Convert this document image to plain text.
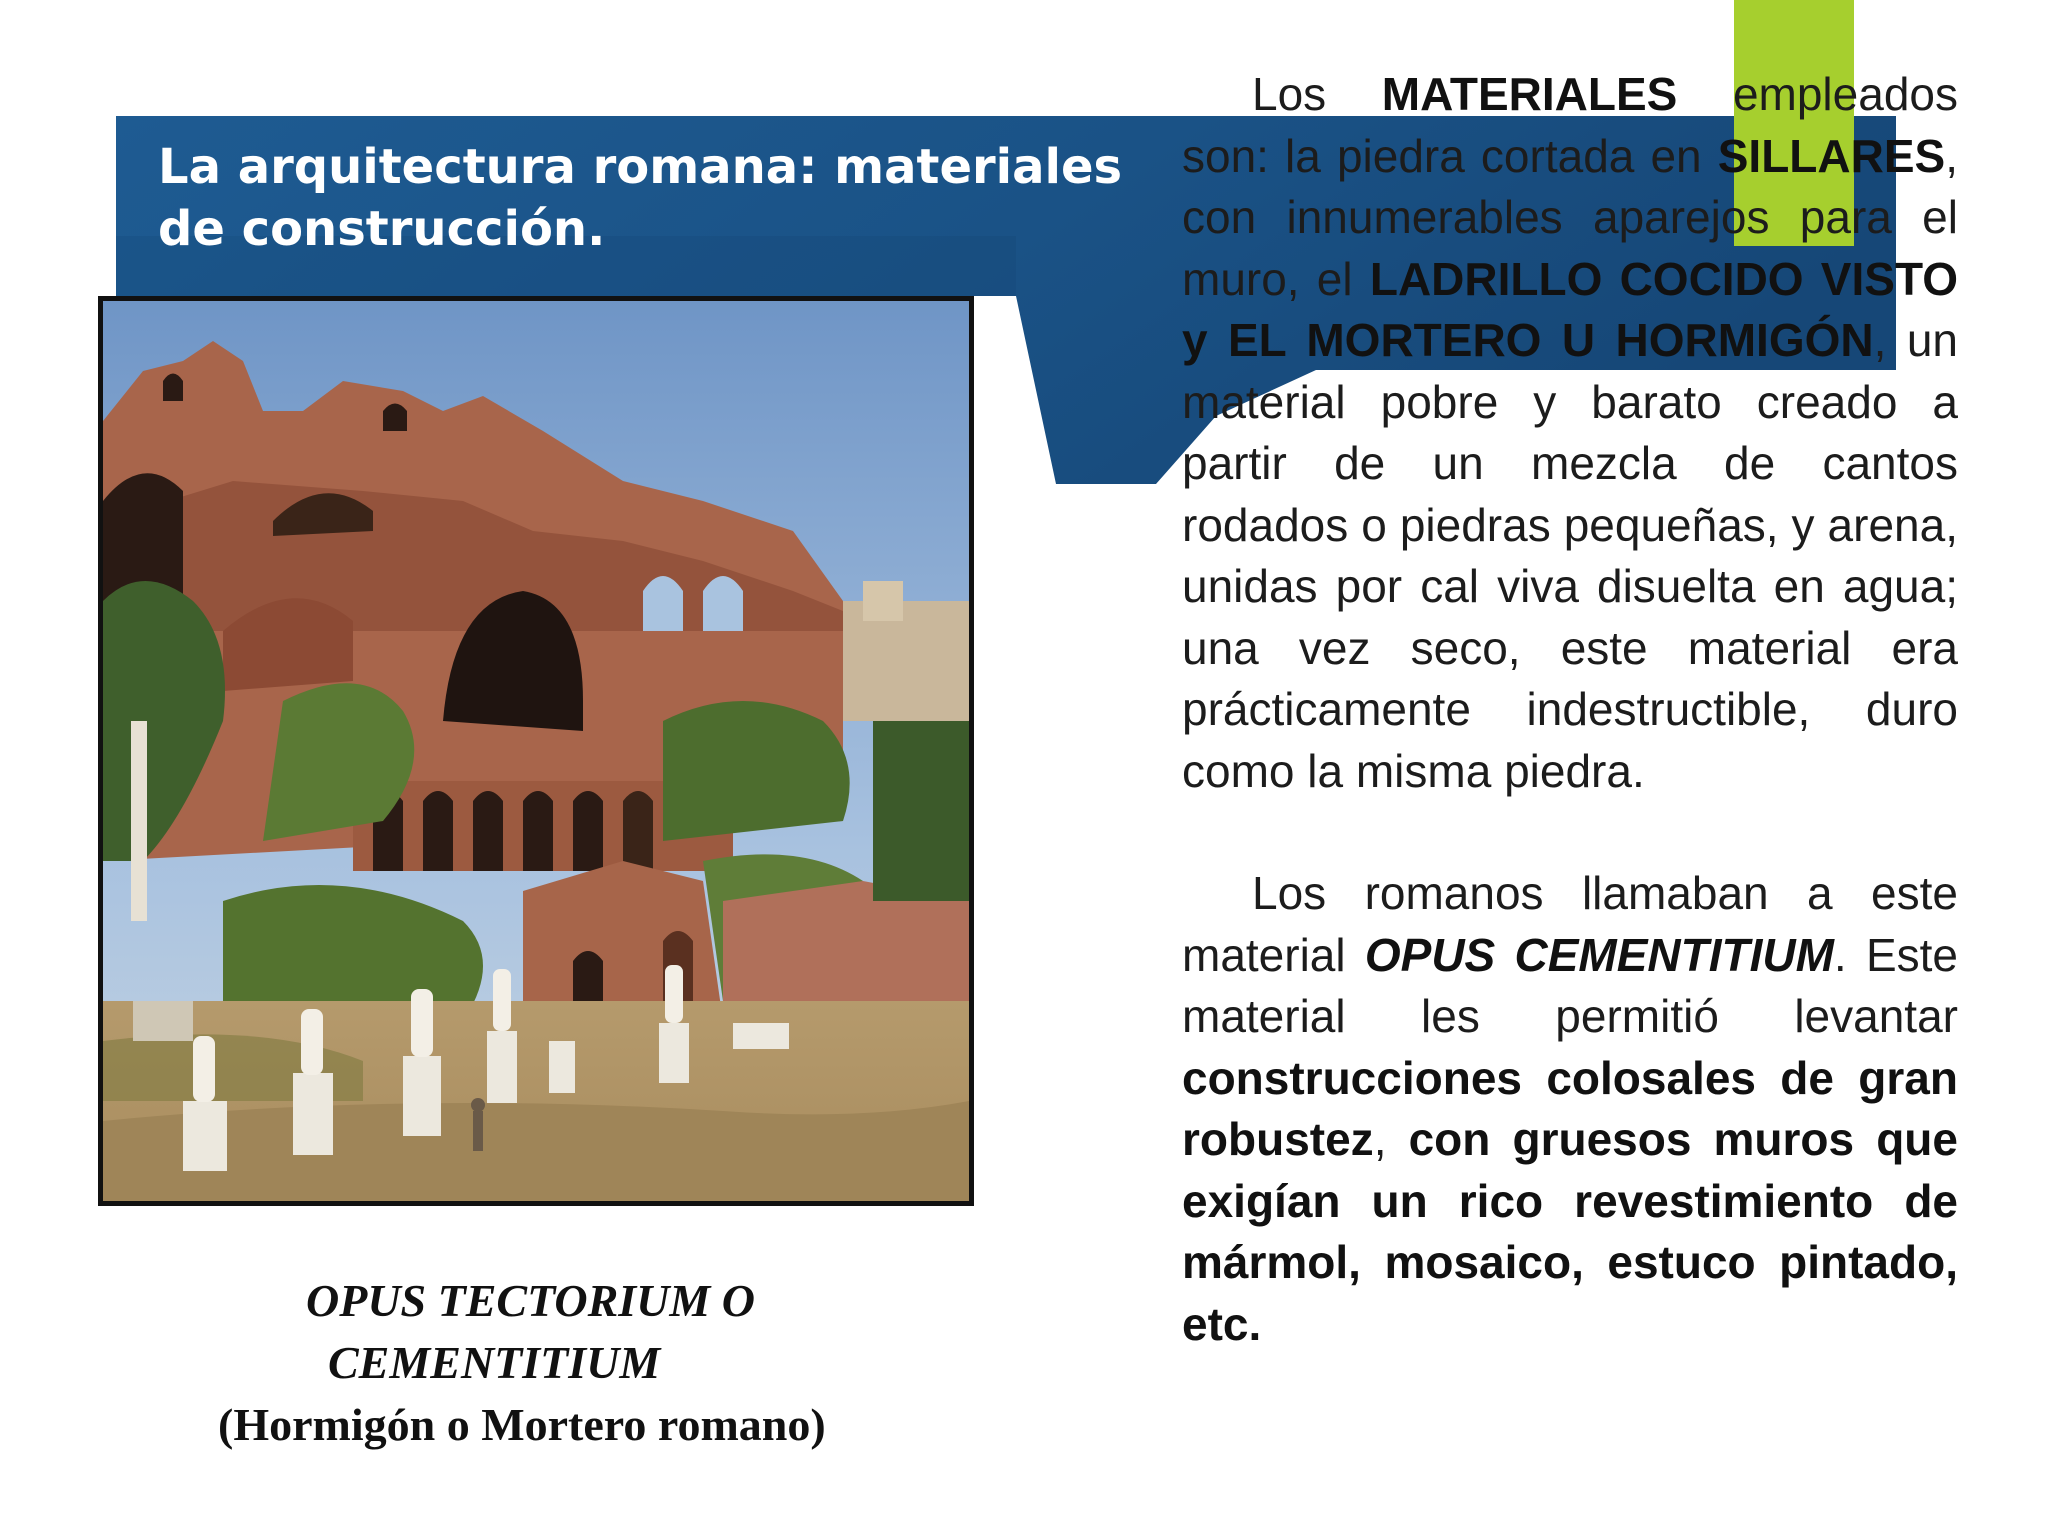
La arquitectura romana: materiales de construcción.

OPUS TECTORIUM O
CEMENTITIUM
(Hormigón o Mortero romano)

Los MATERIALES empleados son: la piedra cortada en SILLARES, con innumerables aparejos para el muro, el LADRILLO COCIDO VISTO y EL MORTERO U HORMIGÓN, un material pobre y barato creado a partir de un mezcla de cantos rodados o piedras pequeñas, y arena, unidas por cal viva disuelta en agua; una vez seco, este material era prácticamente indestructible, duro como la misma piedra.

Los romanos llamaban a este material OPUS CEMENTITIUM. Este material les permitió levantar construcciones colosales de gran robustez, con gruesos muros que exigían un rico revestimiento de mármol, mosaico, estuco pintado, etc.
